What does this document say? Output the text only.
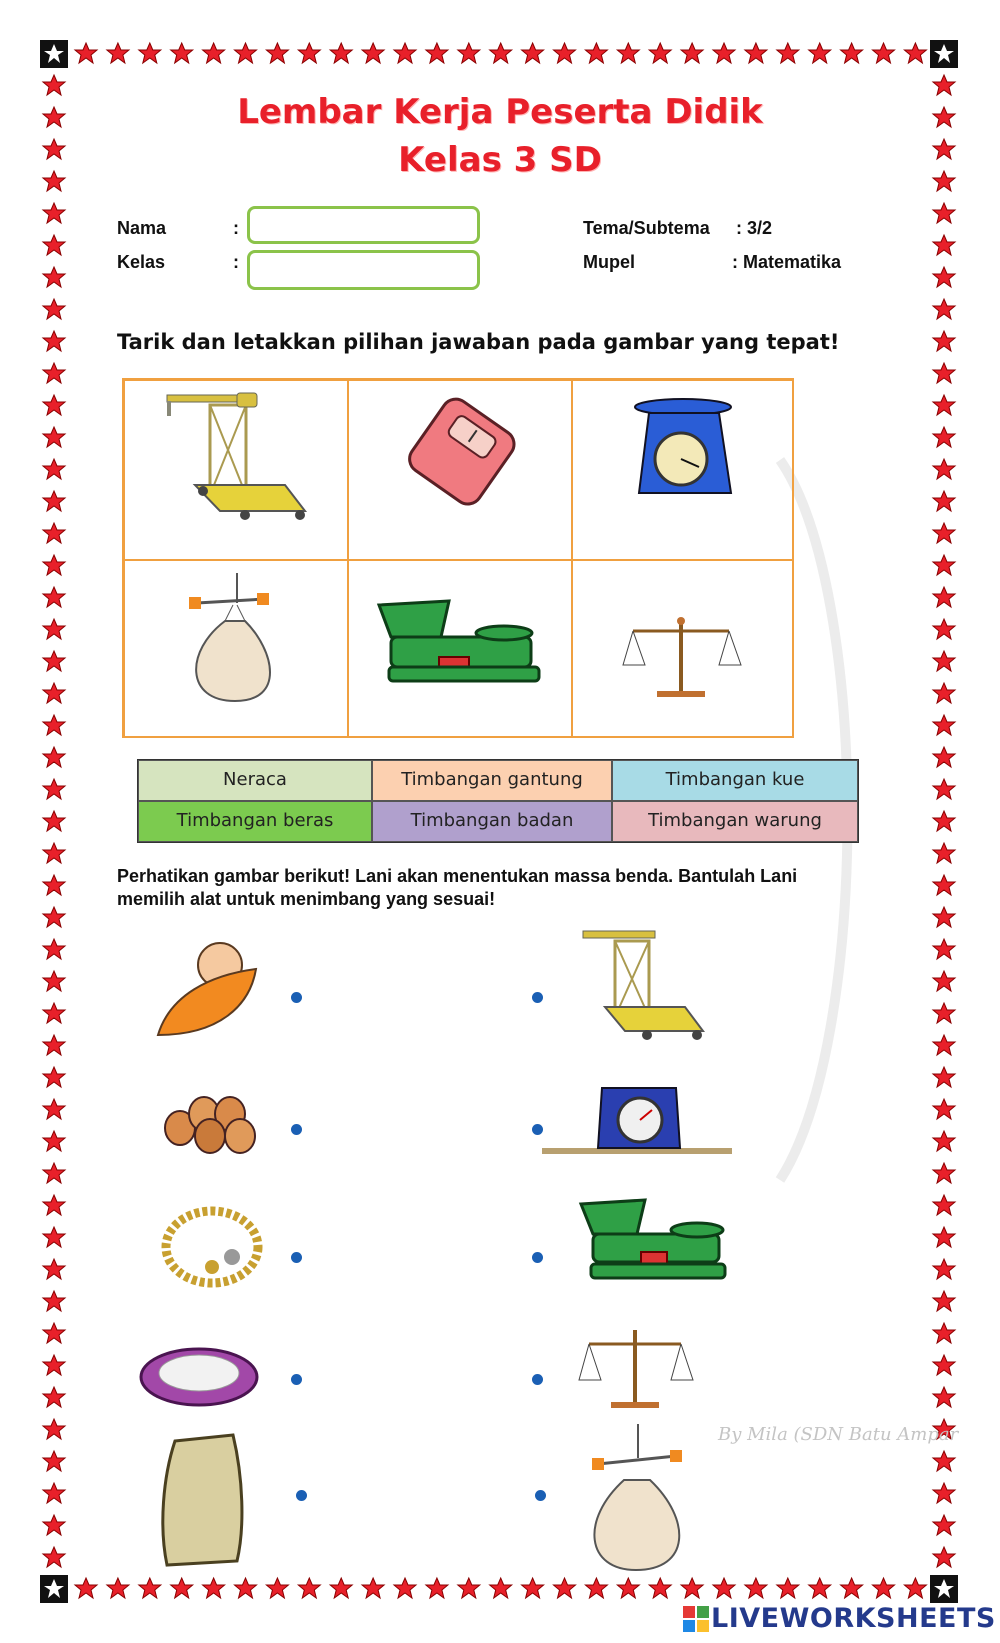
Lembar Kerja Peserta Didik
Kelas 3 SD
Nama	:
Kelas	:
Tema/Subtema : 3/2
Mupel	: Matematika
Tarik dan letakkan pilihan jawaban pada gambar yang tepat!
Neraca	Timbangan gantung	Timbangan kue
Timbangan beras	Timbangan badan	Timbangan warung
Perhatikan gambar berikut! Lani akan menentukan massa benda. Bantulah Lani memilih alat untuk menimbang yang sesuai!
By Mila (SDN Batu Ampar
LIVEWORKSHEETS
